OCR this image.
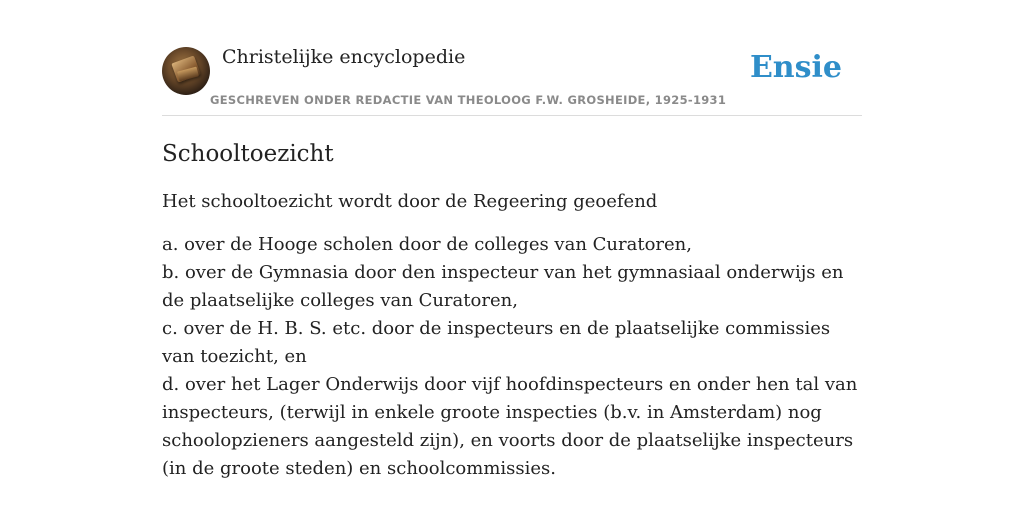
Christelijke encyclopedie
GESCHREVEN ONDER REDACTIE VAN THEOLOOG F.W. GROSHEIDE, 1925-1931
Ensie
Schooltoezicht

Het schooltoezicht wordt door de Regeering geoefend

a. over de Hooge scholen door de colleges van Curatoren,
b. over de Gymnasia door den inspecteur van het gymnasiaal onderwijs en de plaatselijke colleges van Curatoren,
c. over de H. B. S. etc. door de inspecteurs en de plaatselijke commissies van toezicht, en
d. over het Lager Onderwijs door vijf hoofdinspecteurs en onder hen tal van inspecteurs, (terwijl in enkele groote inspecties (b.v. in Amsterdam) nog schoolopzieners aangesteld zijn), en voorts door de plaatselijke inspecteurs (in de groote steden) en schoolcommissies.
